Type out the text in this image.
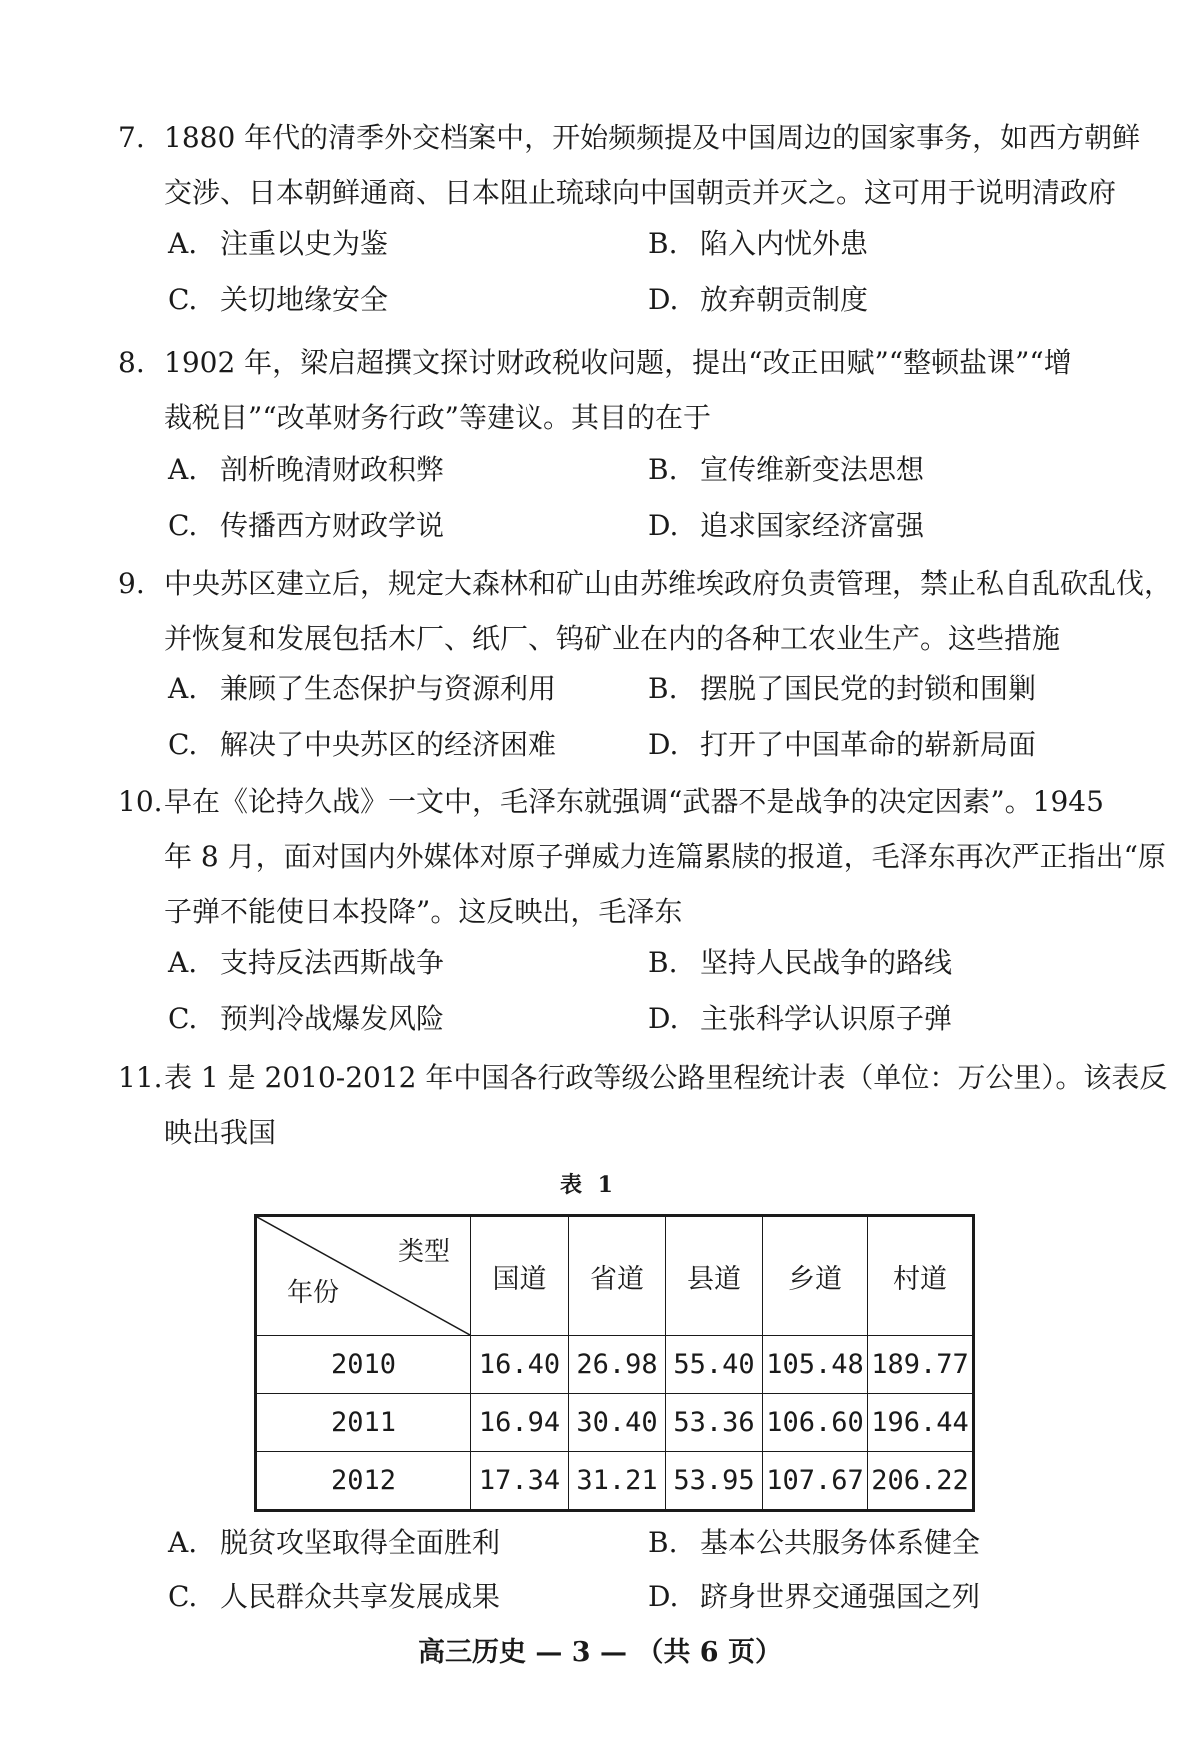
7. 1880 年代的清季外交档案中，开始频频提及中国周边的国家事务，如西方朝鲜
交涉、日本朝鲜通商、日本阻止琉球向中国朝贡并灭之。这可用于说明清政府
A. 注重以史为鉴	B. 陷入内忧外患
C. 关切地缘安全	D. 放弃朝贡制度
8. 1902 年，梁启超撰文探讨财政税收问题，提出“改正田赋”“整顿盐课”“增
裁税目”“改革财务行政”等建议。其目的在于
A. 剖析晚清财政积弊	B. 宣传维新变法思想
C. 传播西方财政学说	D. 追求国家经济富强
9. 中央苏区建立后，规定大森林和矿山由苏维埃政府负责管理，禁止私自乱砍乱伐，
并恢复和发展包括木厂、纸厂、钨矿业在内的各种工农业生产。这些措施
A. 兼顾了生态保护与资源利用	B. 摆脱了国民党的封锁和围剿
C. 解决了中央苏区的经济困难	D. 打开了中国革命的崭新局面
10. 早在《论持久战》一文中，毛泽东就强调“武器不是战争的决定因素”。1945
年 8 月，面对国内外媒体对原子弹威力连篇累牍的报道，毛泽东再次严正指出“原
子弹不能使日本投降”。这反映出，毛泽东
A. 支持反法西斯战争	B. 坚持人民战争的路线
C. 预判冷战爆发风险	D. 主张科学认识原子弹
11. 表 1 是 2010-2012 年中国各行政等级公路里程统计表（单位：万公里）。该表反
映出我国
表 1
类型
年份	国道	省道	县道	乡道	村道
2010	16.40	26.98	55.40	105.48	189.77
2011	16.94	30.40	53.36	106.60	196.44
2012	17.34	31.21	53.95	107.67	206.22
A. 脱贫攻坚取得全面胜利	B. 基本公共服务体系健全
C. 人民群众共享发展成果	D. 跻身世界交通强国之列
高三历史 — 3 — （共 6 页）
